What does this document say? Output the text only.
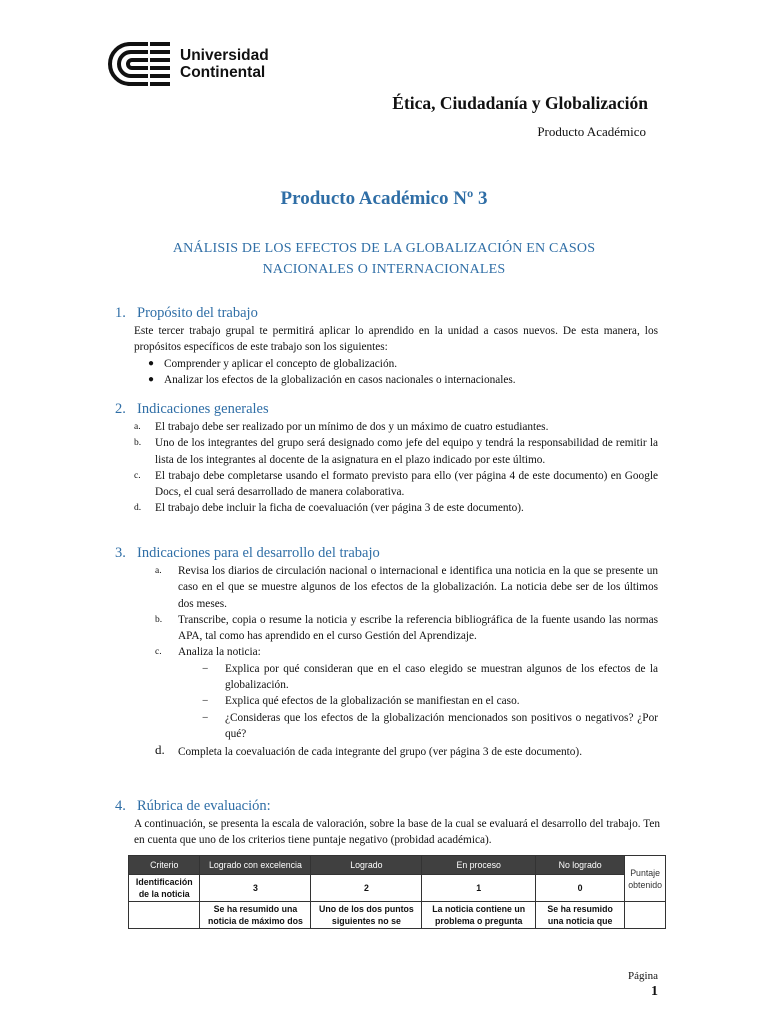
Universidad
Continental
Ética, Ciudadanía y Globalización
Producto Académico
Producto Académico Nº 3
ANÁLISIS DE LOS EFECTOS DE LA GLOBALIZACIÓN EN CASOS NACIONALES O INTERNACIONALES
1. Propósito del trabajo
Este tercer trabajo grupal te permitirá aplicar lo aprendido en la unidad a casos nuevos. De esta manera, los propósitos específicos de este trabajo son los siguientes:
● Comprender y aplicar el concepto de globalización.
● Analizar los efectos de la globalización en casos nacionales o internacionales.
2. Indicaciones generales
a. El trabajo debe ser realizado por un mínimo de dos y un máximo de cuatro estudiantes.
b. Uno de los integrantes del grupo será designado como jefe del equipo y tendrá la responsabilidad de remitir la lista de los integrantes al docente de la asignatura en el plazo indicado por este último.
c. El trabajo debe completarse usando el formato previsto para ello (ver página 4 de este documento) en Google Docs, el cual será desarrollado de manera colaborativa.
d. El trabajo debe incluir la ficha de coevaluación (ver página 3 de este documento).
3. Indicaciones para el desarrollo del trabajo
a. Revisa los diarios de circulación nacional o internacional e identifica una noticia en la que se presente un caso en el que se muestre algunos de los efectos de la globalización. La noticia debe ser de los últimos dos meses.
b. Transcribe, copia o resume la noticia y escribe la referencia bibliográfica de la fuente usando las normas APA, tal como has aprendido en el curso Gestión del Aprendizaje.
c. Analiza la noticia:
− Explica por qué consideran que en el caso elegido se muestran algunos de los efectos de la globalización.
− Explica qué efectos de la globalización se manifiestan en el caso.
− ¿Consideras que los efectos de la globalización mencionados son positivos o negativos? ¿Por qué?
d. Completa la coevaluación de cada integrante del grupo (ver página 3 de este documento).
4. Rúbrica de evaluación:
A continuación, se presenta la escala de valoración, sobre la base de la cual se evaluará el desarrollo del trabajo. Ten en cuenta que uno de los criterios tiene puntaje negativo (probidad académica).
Criterio	Logrado con excelencia	Logrado	En proceso	No logrado	Puntaje obtenido
Identificación de la noticia	3	2	1	0	
	Se ha resumido una noticia de máximo dos	Uno de los dos puntos siguientes no se	La noticia contiene un problema o pregunta	Se ha resumido una noticia que	
Página
1
